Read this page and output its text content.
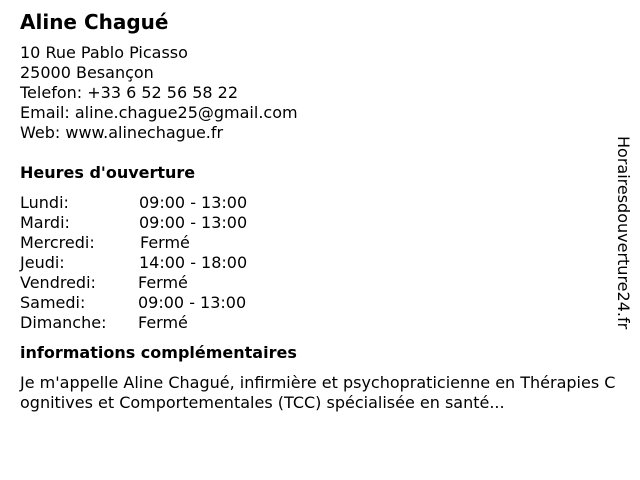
Aline Chagué
10 Rue Pablo Picasso
25000 Besançon
Telefon: +33 6 52 56 58 22
Email: aline.chague25@gmail.com
Web: www.alinechague.fr
Heures d'ouverture
Lundi:	09:00 - 13:00
Mardi:	09:00 - 13:00
Mercredi:	Fermé
Jeudi:	14:00 - 18:00
Vendredi:	Fermé
Samedi:	09:00 - 13:00
Dimanche:	Fermé
informations complémentaires
Je m'appelle Aline Chagué, infirmière et psychopraticienne en Thérapies Cognitives et Comportementales (TCC) spécialisée en santé...
Horairesdouverture24.fr
